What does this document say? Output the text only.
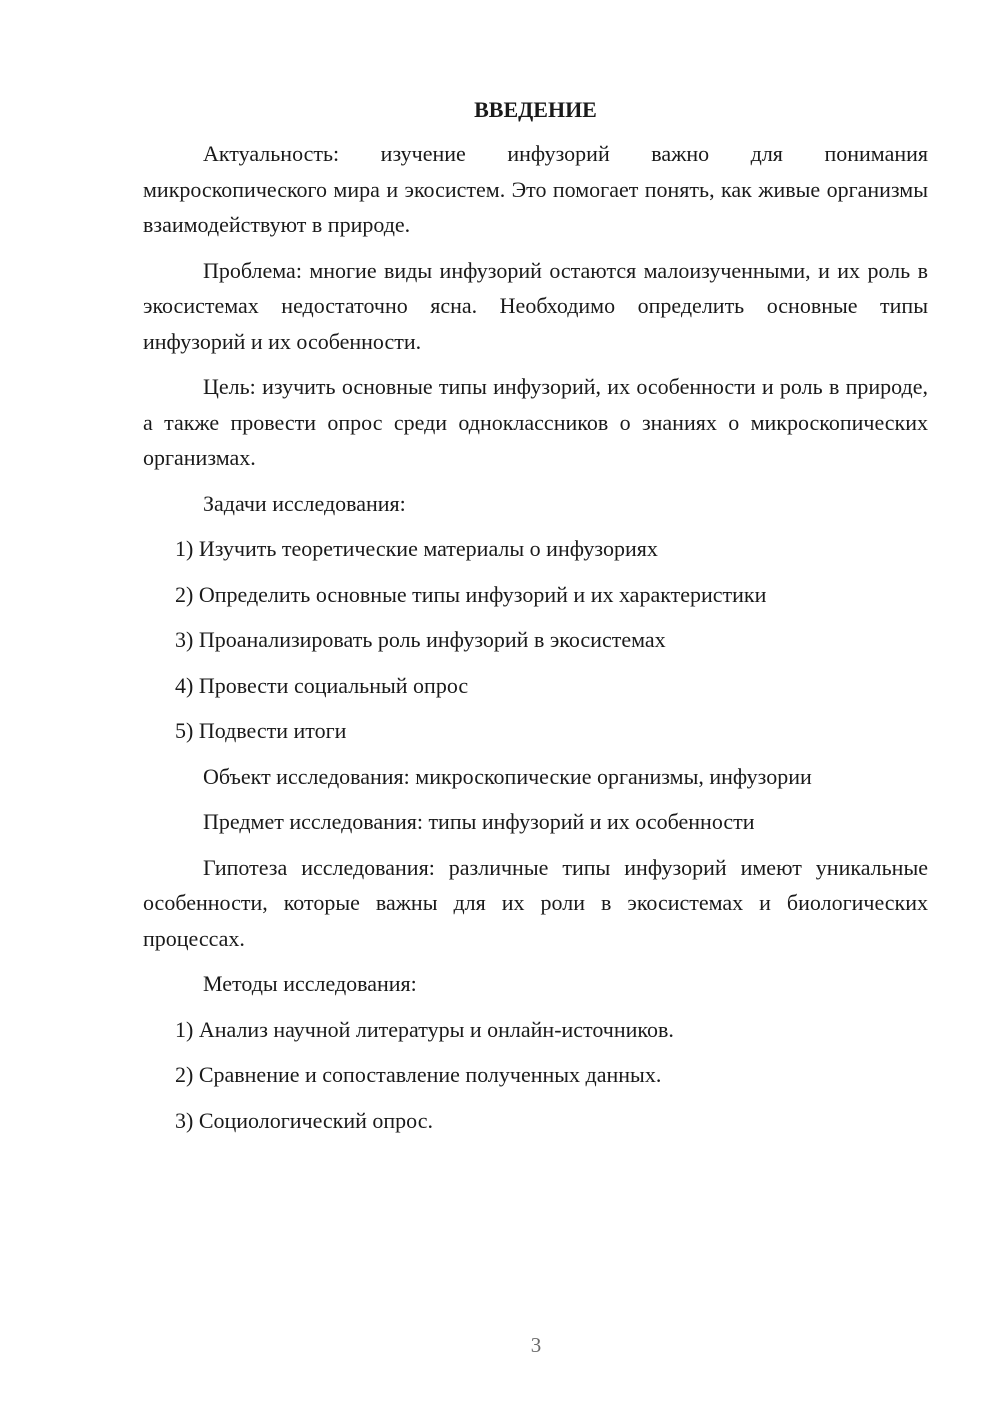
ВВЕДЕНИЕ

Актуальность: изучение инфузорий важно для понимания микроскопического мира и экосистем. Это помогает понять, как живые организмы взаимодействуют в природе.

Проблема: многие виды инфузорий остаются малоизученными, и их роль в экосистемах недостаточно ясна. Необходимо определить основные типы инфузорий и их особенности.

Цель: изучить основные типы инфузорий, их особенности и роль в природе, а также провести опрос среди одноклассников о знаниях о микроскопических организмах.

Задачи исследования:
1) Изучить теоретические материалы о инфузориях
2) Определить основные типы инфузорий и их характеристики
3) Проанализировать роль инфузорий в экосистемах
4) Провести социальный опрос
5) Подвести итоги
Объект исследования: микроскопические организмы, инфузории
Предмет исследования: типы инфузорий и их особенности

Гипотеза исследования: различные типы инфузорий имеют уникальные особенности, которые важны для их роли в экосистемах и биологических процессах.

Методы исследования:
1) Анализ научной литературы и онлайн-источников.
2) Сравнение и сопоставление полученных данных.
3) Социологический опрос.
3
